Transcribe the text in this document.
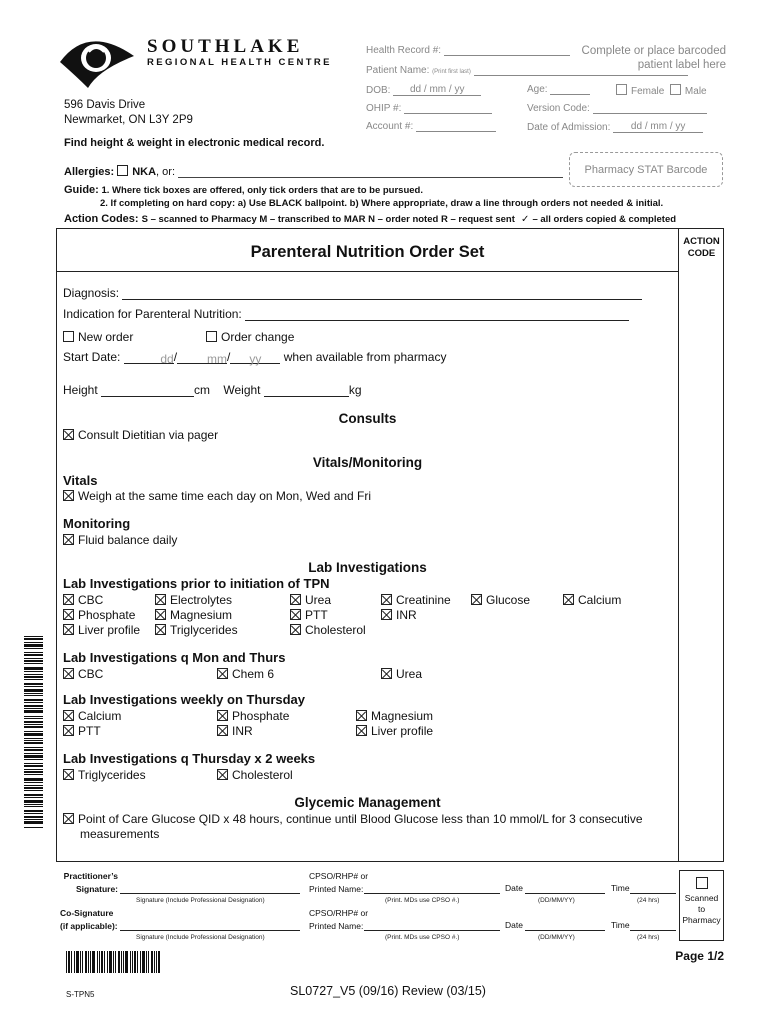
SOUTHLAKE
REGIONAL HEALTH CENTRE
596 Davis Drive
Newmarket, ON L3Y 2P9
Health Record #:	Complete or place barcoded
patient label here
Patient Name: (Print first last)
DOB: dd / mm / yy	Age:	Female Male
OHIP #:	Version Code:
Account #:	Date of Admission: dd / mm / yy
Find height & weight in electronic medical record.
Allergies: NKA, or:	Pharmacy STAT Barcode
Guide: 1. Where tick boxes are offered, only tick orders that are to be pursued.
2. If completing on hard copy: a) Use BLACK ballpoint. b) Where appropriate, draw a line through orders not needed & initial.
Action Codes: S – scanned to Pharmacy M – transcribed to MAR N – order noted R – request sent ✓ – all orders copied & completed
Parenteral Nutrition Order Set
ACTION
CODE
Diagnosis:
Indication for Parenteral Nutrition:
New order	Order change
Start Date:	dd/	mm/ yy when available from pharmacy
Height	cm Weight	kg
Consults
Consult Dietitian via pager
Vitals/Monitoring
Vitals
Weigh at the same time each day on Mon, Wed and Fri
Monitoring
Fluid balance daily
Lab Investigations
Lab Investigations prior to initiation of TPN
CBC	Electrolytes	Urea	Creatinine	Glucose	Calcium
Phosphate	Magnesium	PTT	INR
Liver profile	Triglycerides	Cholesterol
Lab Investigations q Mon and Thurs
CBC	Chem 6	Urea
Lab Investigations weekly on Thursday
Calcium	Phosphate	Magnesium
PTT	INR	Liver profile
Lab Investigations q Thursday x 2 weeks
Triglycerides	Cholesterol
Glycemic Management
Point of Care Glucose QID x 48 hours, continue until Blood Glucose less than 10 mmol/L for 3 consecutive
measurements
Practitioner’s
Signature:
CPSO/RHP# or
Printed Name:	Date	Time
Signature (Include Professional Designation)	(Print. MDs use CPSO #.)	(DD/MM/YY)	(24 hrs)
Co-Signature
(if applicable):
CPSO/RHP# or
Printed Name:	Date	Time
Signature (Include Professional Designation)	(Print. MDs use CPSO #.)	(DD/MM/YY)	(24 hrs)
Scanned
to
Pharmacy
Page 1/2
S-TPN5	SL0727_V5 (09/16) Review (03/15)
